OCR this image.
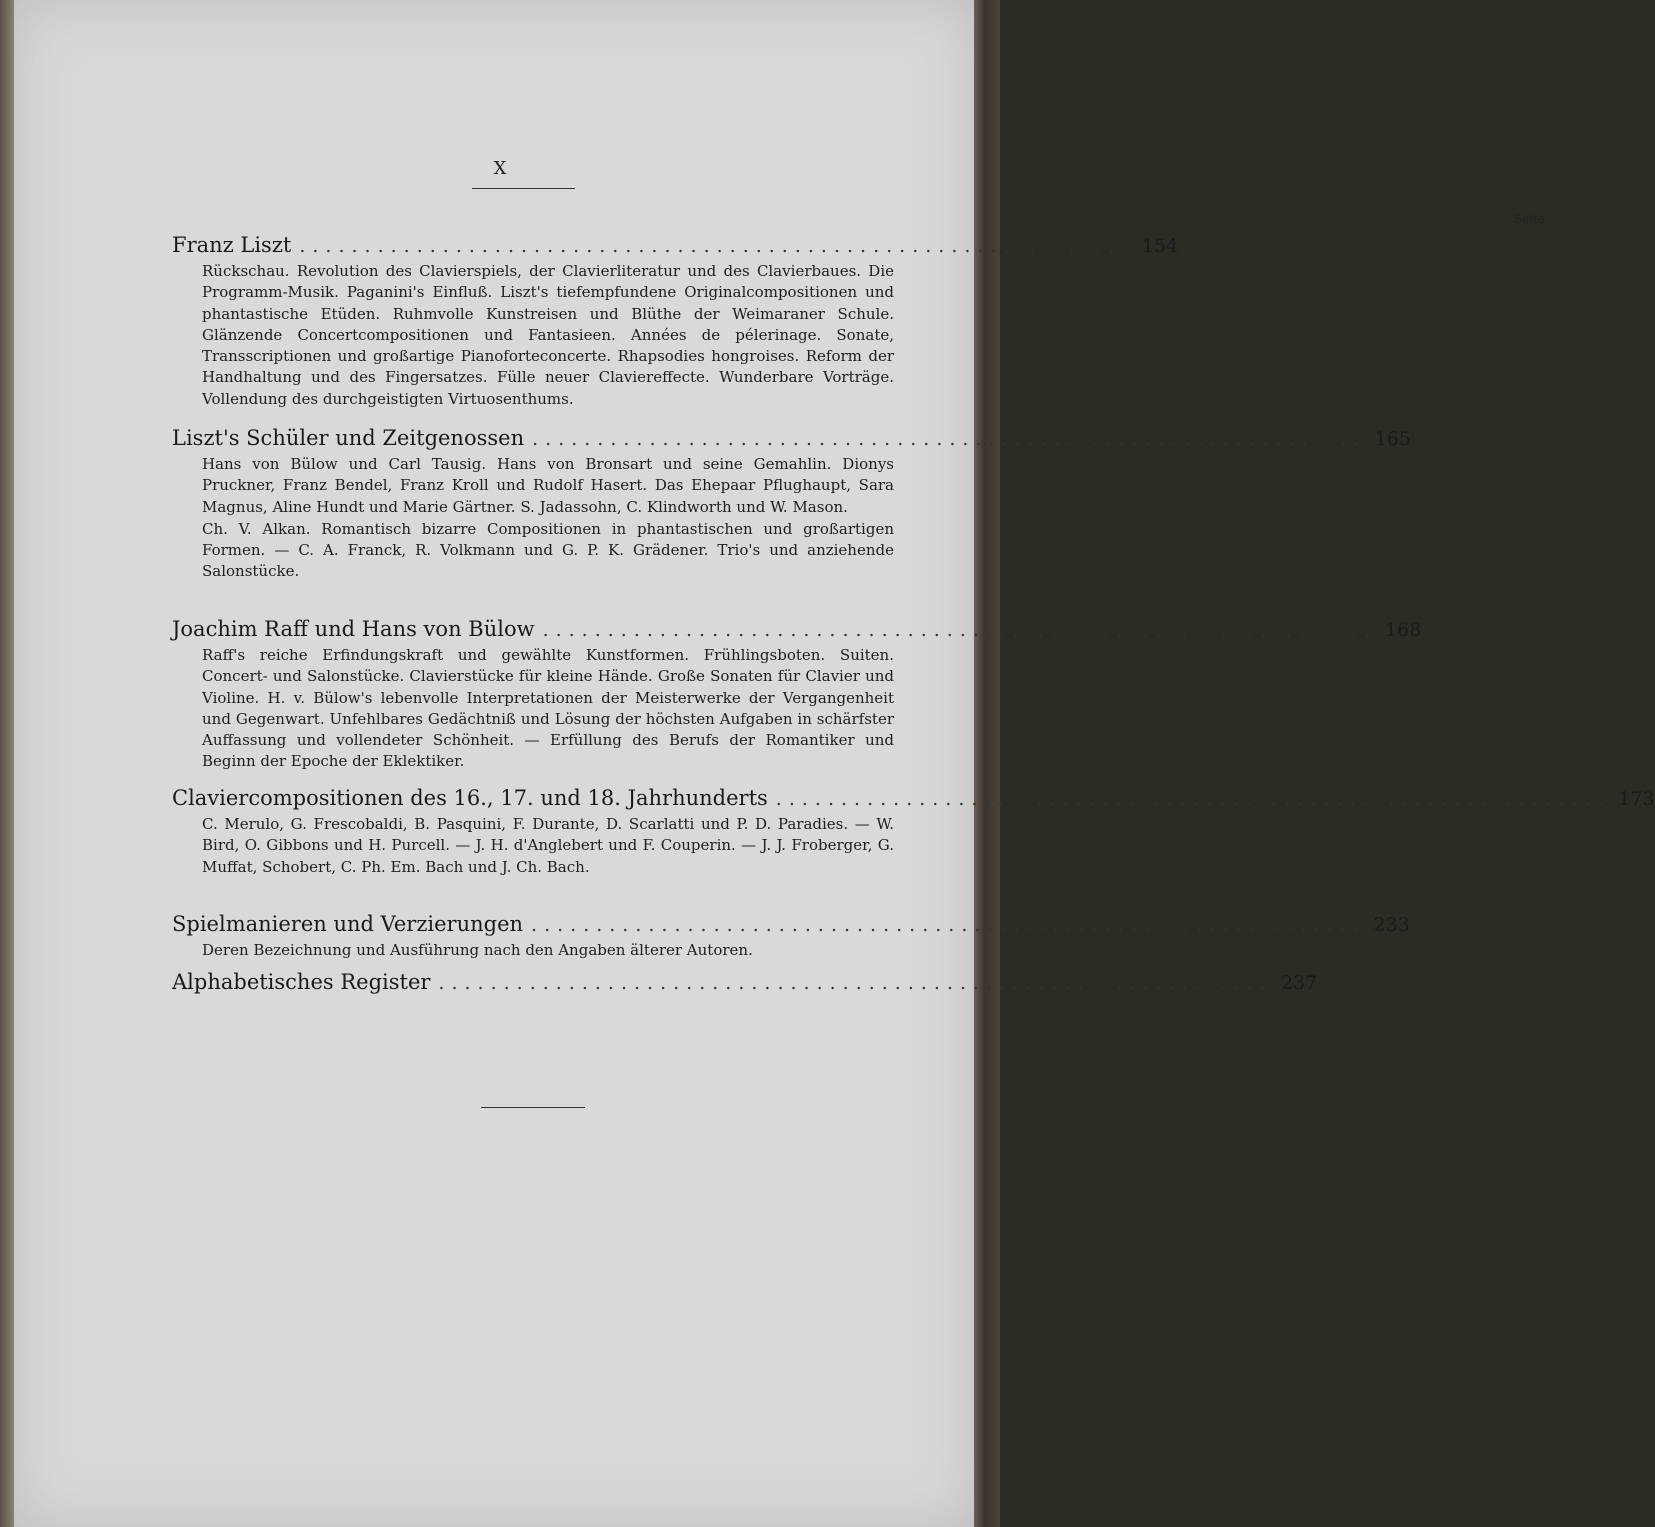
X
Seite
Franz Liszt ................................................................ 154

Rückschau. Revolution des Clavierspiels, der Clavierliteratur und des Clavierbaues. Die Programm-Musik. Paganini's Einfluß. Liszt's tiefempfundene Originalcompositionen und phantastische Etüden. Ruhmvolle Kunstreisen und Blüthe der Weimaraner Schule. Glänzende Concertcompositionen und Fantasieen. Années de pélerinage. Sonate, Transscriptionen und großartige Pianoforteconcerte. Rhapsodies hongroises. Reform der Handhaltung und des Fingersatzes. Fülle neuer Claviereffecte. Wunderbare Vorträge. Vollendung des durchgeistigten Virtuosenthums.

Liszt's Schüler und Zeitgenossen ................................................................ 165

Hans von Bülow und Carl Tausig. Hans von Bronsart und seine Gemahlin. Dionys Pruckner, Franz Bendel, Franz Kroll und Rudolf Hasert. Das Ehepaar Pflughaupt, Sara Magnus, Aline Hundt und Marie Gärtner. S. Jadassohn, C. Klindworth und W. Mason.

Ch. V. Alkan. Romantisch bizarre Compositionen in phantastischen und großartigen Formen. — C. A. Franck, R. Volkmann und G. P. K. Grädener. Trio's und anziehende Salonstücke.

Joachim Raff und Hans von Bülow ................................................................ 168

Raff's reiche Erfindungskraft und gewählte Kunstformen. Frühlingsboten. Suiten. Concert- und Salonstücke. Clavierstücke für kleine Hände. Große Sonaten für Clavier und Violine. H. v. Bülow's lebenvolle Interpretationen der Meisterwerke der Vergangenheit und Gegenwart. Unfehlbares Gedächtniß und Lösung der höchsten Aufgaben in schärfster Auffassung und vollendeter Schönheit. — Erfüllung des Berufs der Romantiker und Beginn der Epoche der Eklektiker.

Claviercompositionen des 16., 17. und 18. Jahrhunderts ................................................................ 173

C. Merulo, G. Frescobaldi, B. Pasquini, F. Durante, D. Scarlatti und P. D. Paradies. — W. Bird, O. Gibbons und H. Purcell. — J. H. d'Anglebert und F. Couperin. — J. J. Froberger, G. Muffat, Schobert, C. Ph. Em. Bach und J. Ch. Bach.

Spielmanieren und Verzierungen ................................................................ 233

Deren Bezeichnung und Ausführung nach den Angaben älterer Autoren.

Alphabetisches Register ................................................................ 237
